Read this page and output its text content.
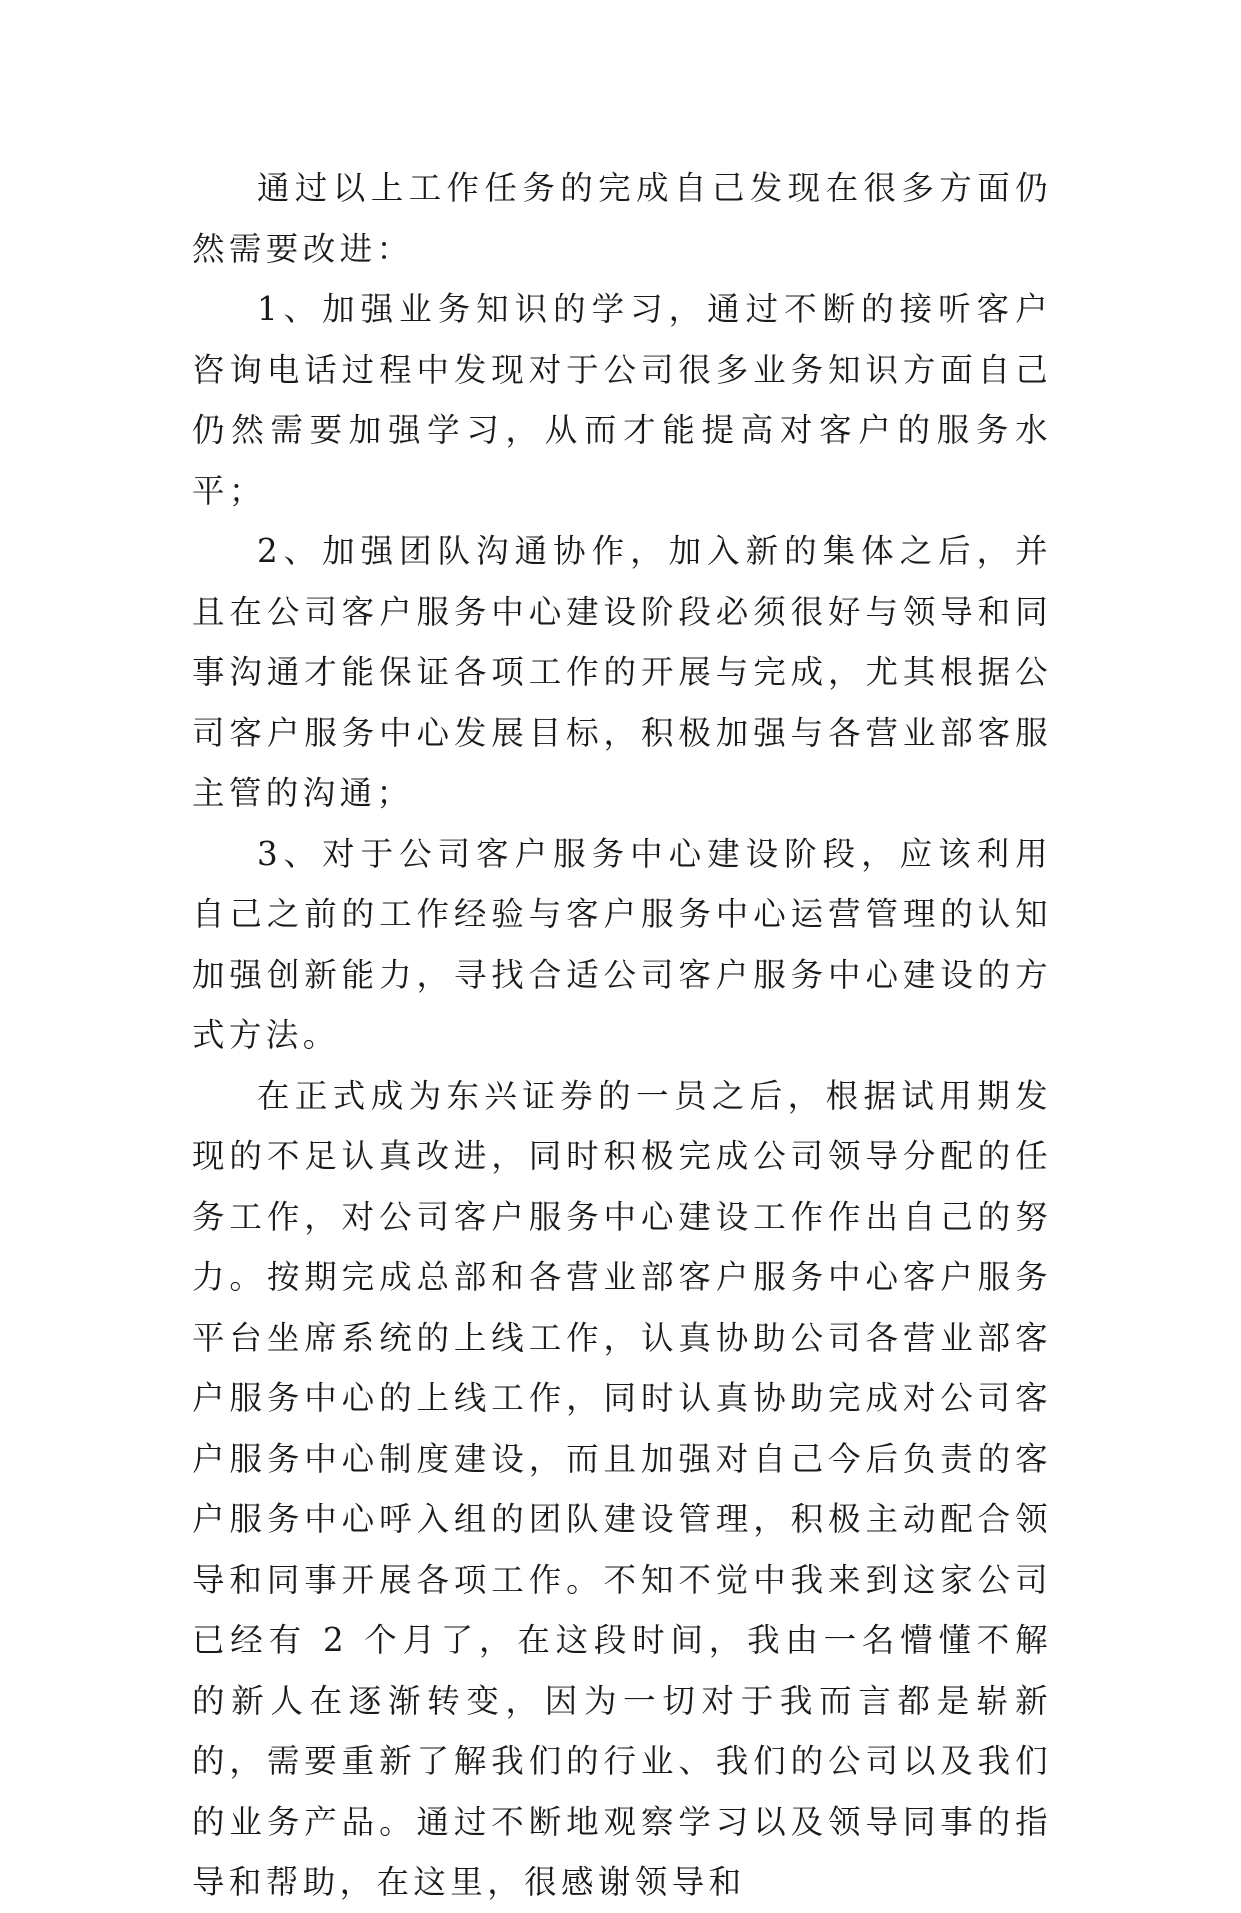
通过以上工作任务的完成自己发现在很多方面仍然需要改进：

1、加强业务知识的学习，通过不断的接听客户咨询电话过程中发现对于公司很多业务知识方面自己仍然需要加强学习，从而才能提高对客户的服务水平；

2、加强团队沟通协作，加入新的集体之后，并且在公司客户服务中心建设阶段必须很好与领导和同事沟通才能保证各项工作的开展与完成，尤其根据公司客户服务中心发展目标，积极加强与各营业部客服主管的沟通；

3、对于公司客户服务中心建设阶段，应该利用自己之前的工作经验与客户服务中心运营管理的认知加强创新能力，寻找合适公司客户服务中心建设的方式方法。

在正式成为东兴证券的一员之后，根据试用期发现的不足认真改进，同时积极完成公司领导分配的任务工作，对公司客户服务中心建设工作作出自己的努力。按期完成总部和各营业部客户服务中心客户服务平台坐席系统的上线工作，认真协助公司各营业部客户服务中心的上线工作，同时认真协助完成对公司客户服务中心制度建设，而且加强对自己今后负责的客户服务中心呼入组的团队建设管理，积极主动配合领导和同事开展各项工作。不知不觉中我来到这家公司已经有 2 个月了，在这段时间，我由一名懵懂不解的新人在逐渐转变，因为一切对于我而言都是崭新的，需要重新了解我们的行业、我们的公司以及我们的业务产品。通过不断地观察学习以及领导同事的指导和帮助，在这里，很感谢领导和
